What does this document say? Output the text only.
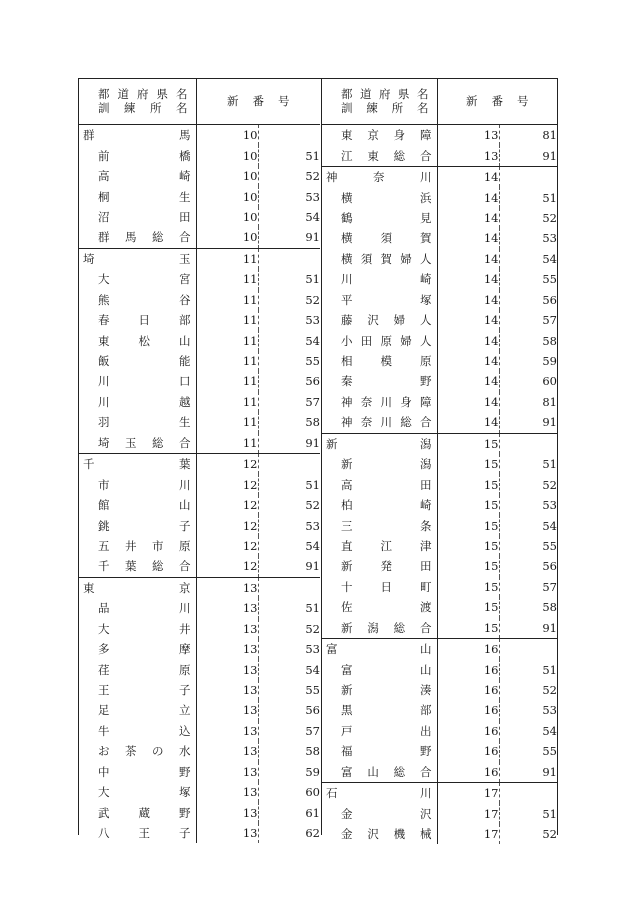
都道府県名
訓練所名	新番号	

群馬	10	

前橋	10	51

高崎	10	52

桐生	10	53

沼田	10	54

群馬総合	10	91

埼玉	11	

大宮	11	51

熊谷	11	52

春日部	11	53

東松山	11	54

飯能	11	55

川口	11	56

川越	11	57

羽生	11	58

埼玉総合	11	91

千葉	12	

市川	12	51

館山	12	52

銚子	12	53

五井市原	12	54

千葉総合	12	91

東京	13	

品川	13	51

大井	13	52

多摩	13	53

荏原	13	54

王子	13	55

足立	13	56

牛込	13	57

お茶の水	13	58

中野	13	59

大塚	13	60

武蔵野	13	61

八王子	13	62
都道府県名
訓練所名	新番号	

東京身障	13	81

江東総合	13	91

神奈川	14	

横浜	14	51

鶴見	14	52

横須賀	14	53

横須賀婦人	14	54

川崎	14	55

平塚	14	56

藤沢婦人	14	57

小田原婦人	14	58

相模原	14	59

秦野	14	60

神奈川身障	14	81

神奈川総合	14	91

新潟	15	

新潟	15	51

高田	15	52

柏崎	15	53

三条	15	54

直江津	15	55

新発田	15	56

十日町	15	57

佐渡	15	58

新潟総合	15	91

富山	16	

富山	16	51

新湊	16	52

黒部	16	53

戸出	16	54

福野	16	55

富山総合	16	91

石川	17	

金沢	17	51

金沢機械	17	52
